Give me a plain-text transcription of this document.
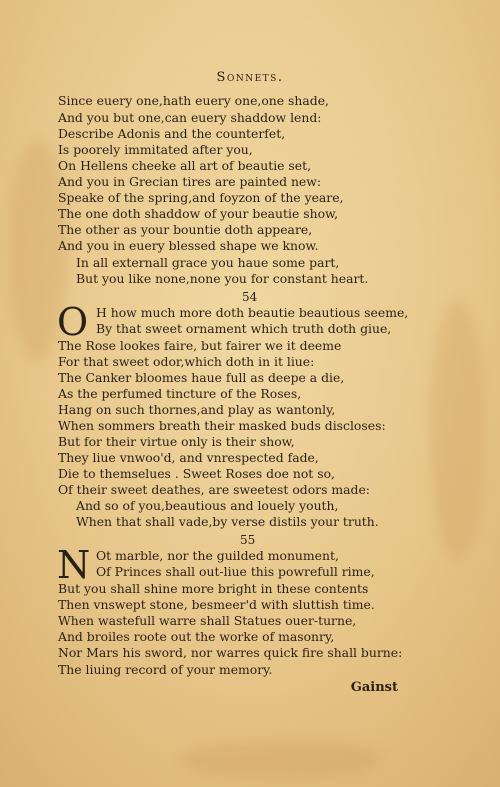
Sonnets.
Since euery one,hath euery one,one shade,
And you but one,can euery shaddow lend:
Describe Adonis and the counterfet,
Is poorely immitated after you,
On Hellens cheeke all art of beautie set,
And you in Grecian tires are painted new:
Speake of the spring,and foyzon of the yeare,
The one doth shaddow of your beautie show,
The other as your bountie doth appeare,
And you in euery blessed shape we know.
In all externall grace you haue some part,
But you like none,none you for constant heart.
54
O H how much more doth beautie beautious seeme,
By that sweet ornament which truth doth giue,
The Rose lookes faire, but fairer we it deeme
For that sweet odor,which doth in it liue:
The Canker bloomes haue full as deepe a die,
As the perfumed tincture of the Roses,
Hang on such thornes,and play as wantonly,
When sommers breath their masked buds discloses:
But for their virtue only is their show,
They liue vnwoo'd, and vnrespected fade,
Die to themselues . Sweet Roses doe not so,
Of their sweet deathes, are sweetest odors made:
And so of you,beautious and louely youth,
When that shall vade,by verse distils your truth.
55
N Ot marble, nor the guilded monument,
Of Princes shall out-liue this powrefull rime,
But you shall shine more bright in these contents
Then vnswept stone, besmeer'd with sluttish time.
When wastefull warre shall Statues ouer-turne,
And broiles roote out the worke of masonry,
Nor Mars his sword, nor warres quick fire shall burne:
The liuing record of your memory.
Gainst
